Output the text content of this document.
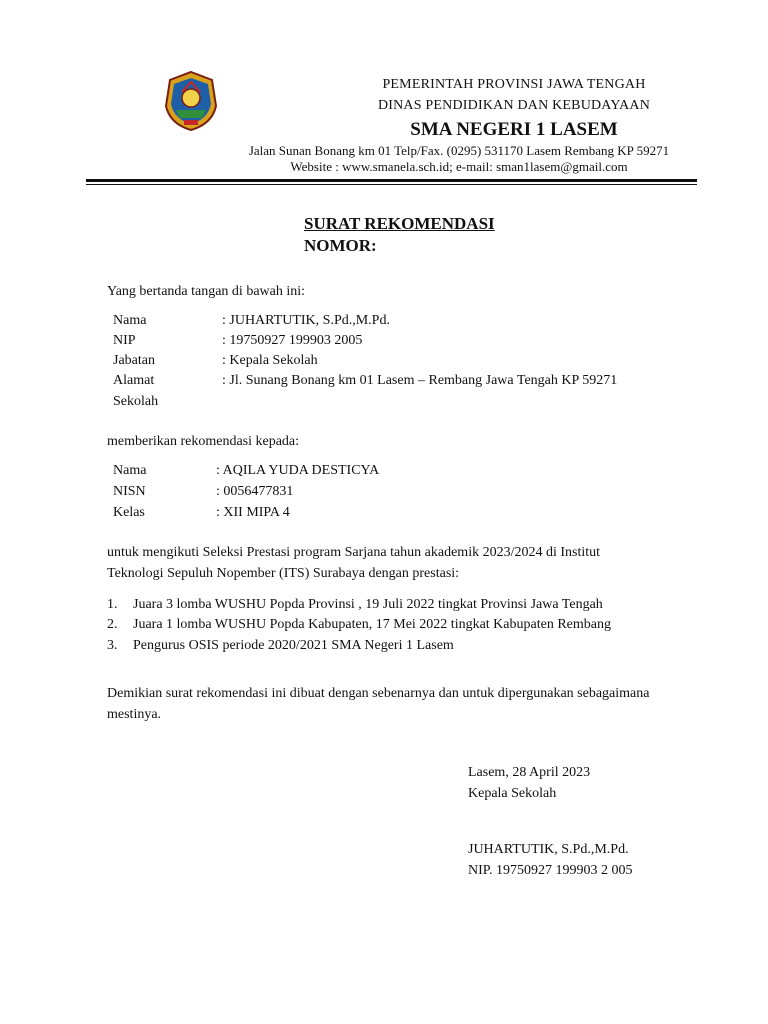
PEMERINTAH PROVINSI JAWA TENGAH
DINAS PENDIDIKAN DAN KEBUDAYAAN
SMA NEGERI 1 LASEM
Jalan Sunan Bonang km 01 Telp/Fax. (0295) 531170 Lasem Rembang KP 59271
Website : www.smanela.sch.id; e-mail: sman1lasem@gmail.com
SURAT REKOMENDASI
NOMOR:
Yang bertanda tangan di bawah ini:
Nama	: JUHARTUTIK, S.Pd.,M.Pd.
NIP	: 19750927 199903 2005
Jabatan	: Kepala Sekolah
Alamat	: Jl. Sunang Bonang km 01 Lasem – Rembang Jawa Tengah KP 59271
Sekolah
memberikan rekomendasi kepada:
Nama	: AQILA YUDA DESTICYA
NISN	: 0056477831
Kelas	: XII MIPA 4
untuk mengikuti Seleksi Prestasi program Sarjana tahun akademik 2023/2024 di Institut
Teknologi Sepuluh Nopember (ITS) Surabaya dengan prestasi:
1. Juara 3 lomba WUSHU Popda Provinsi , 19 Juli 2022 tingkat Provinsi Jawa Tengah
2. Juara 1 lomba WUSHU Popda Kabupaten, 17 Mei 2022 tingkat Kabupaten Rembang
3. Pengurus OSIS periode 2020/2021 SMA Negeri 1 Lasem
Demikian surat rekomendasi ini dibuat dengan sebenarnya dan untuk dipergunakan sebagaimana
mestinya.
Lasem, 28 April 2023
Kepala Sekolah
JUHARTUTIK, S.Pd.,M.Pd.
NIP. 19750927 199903 2 005
